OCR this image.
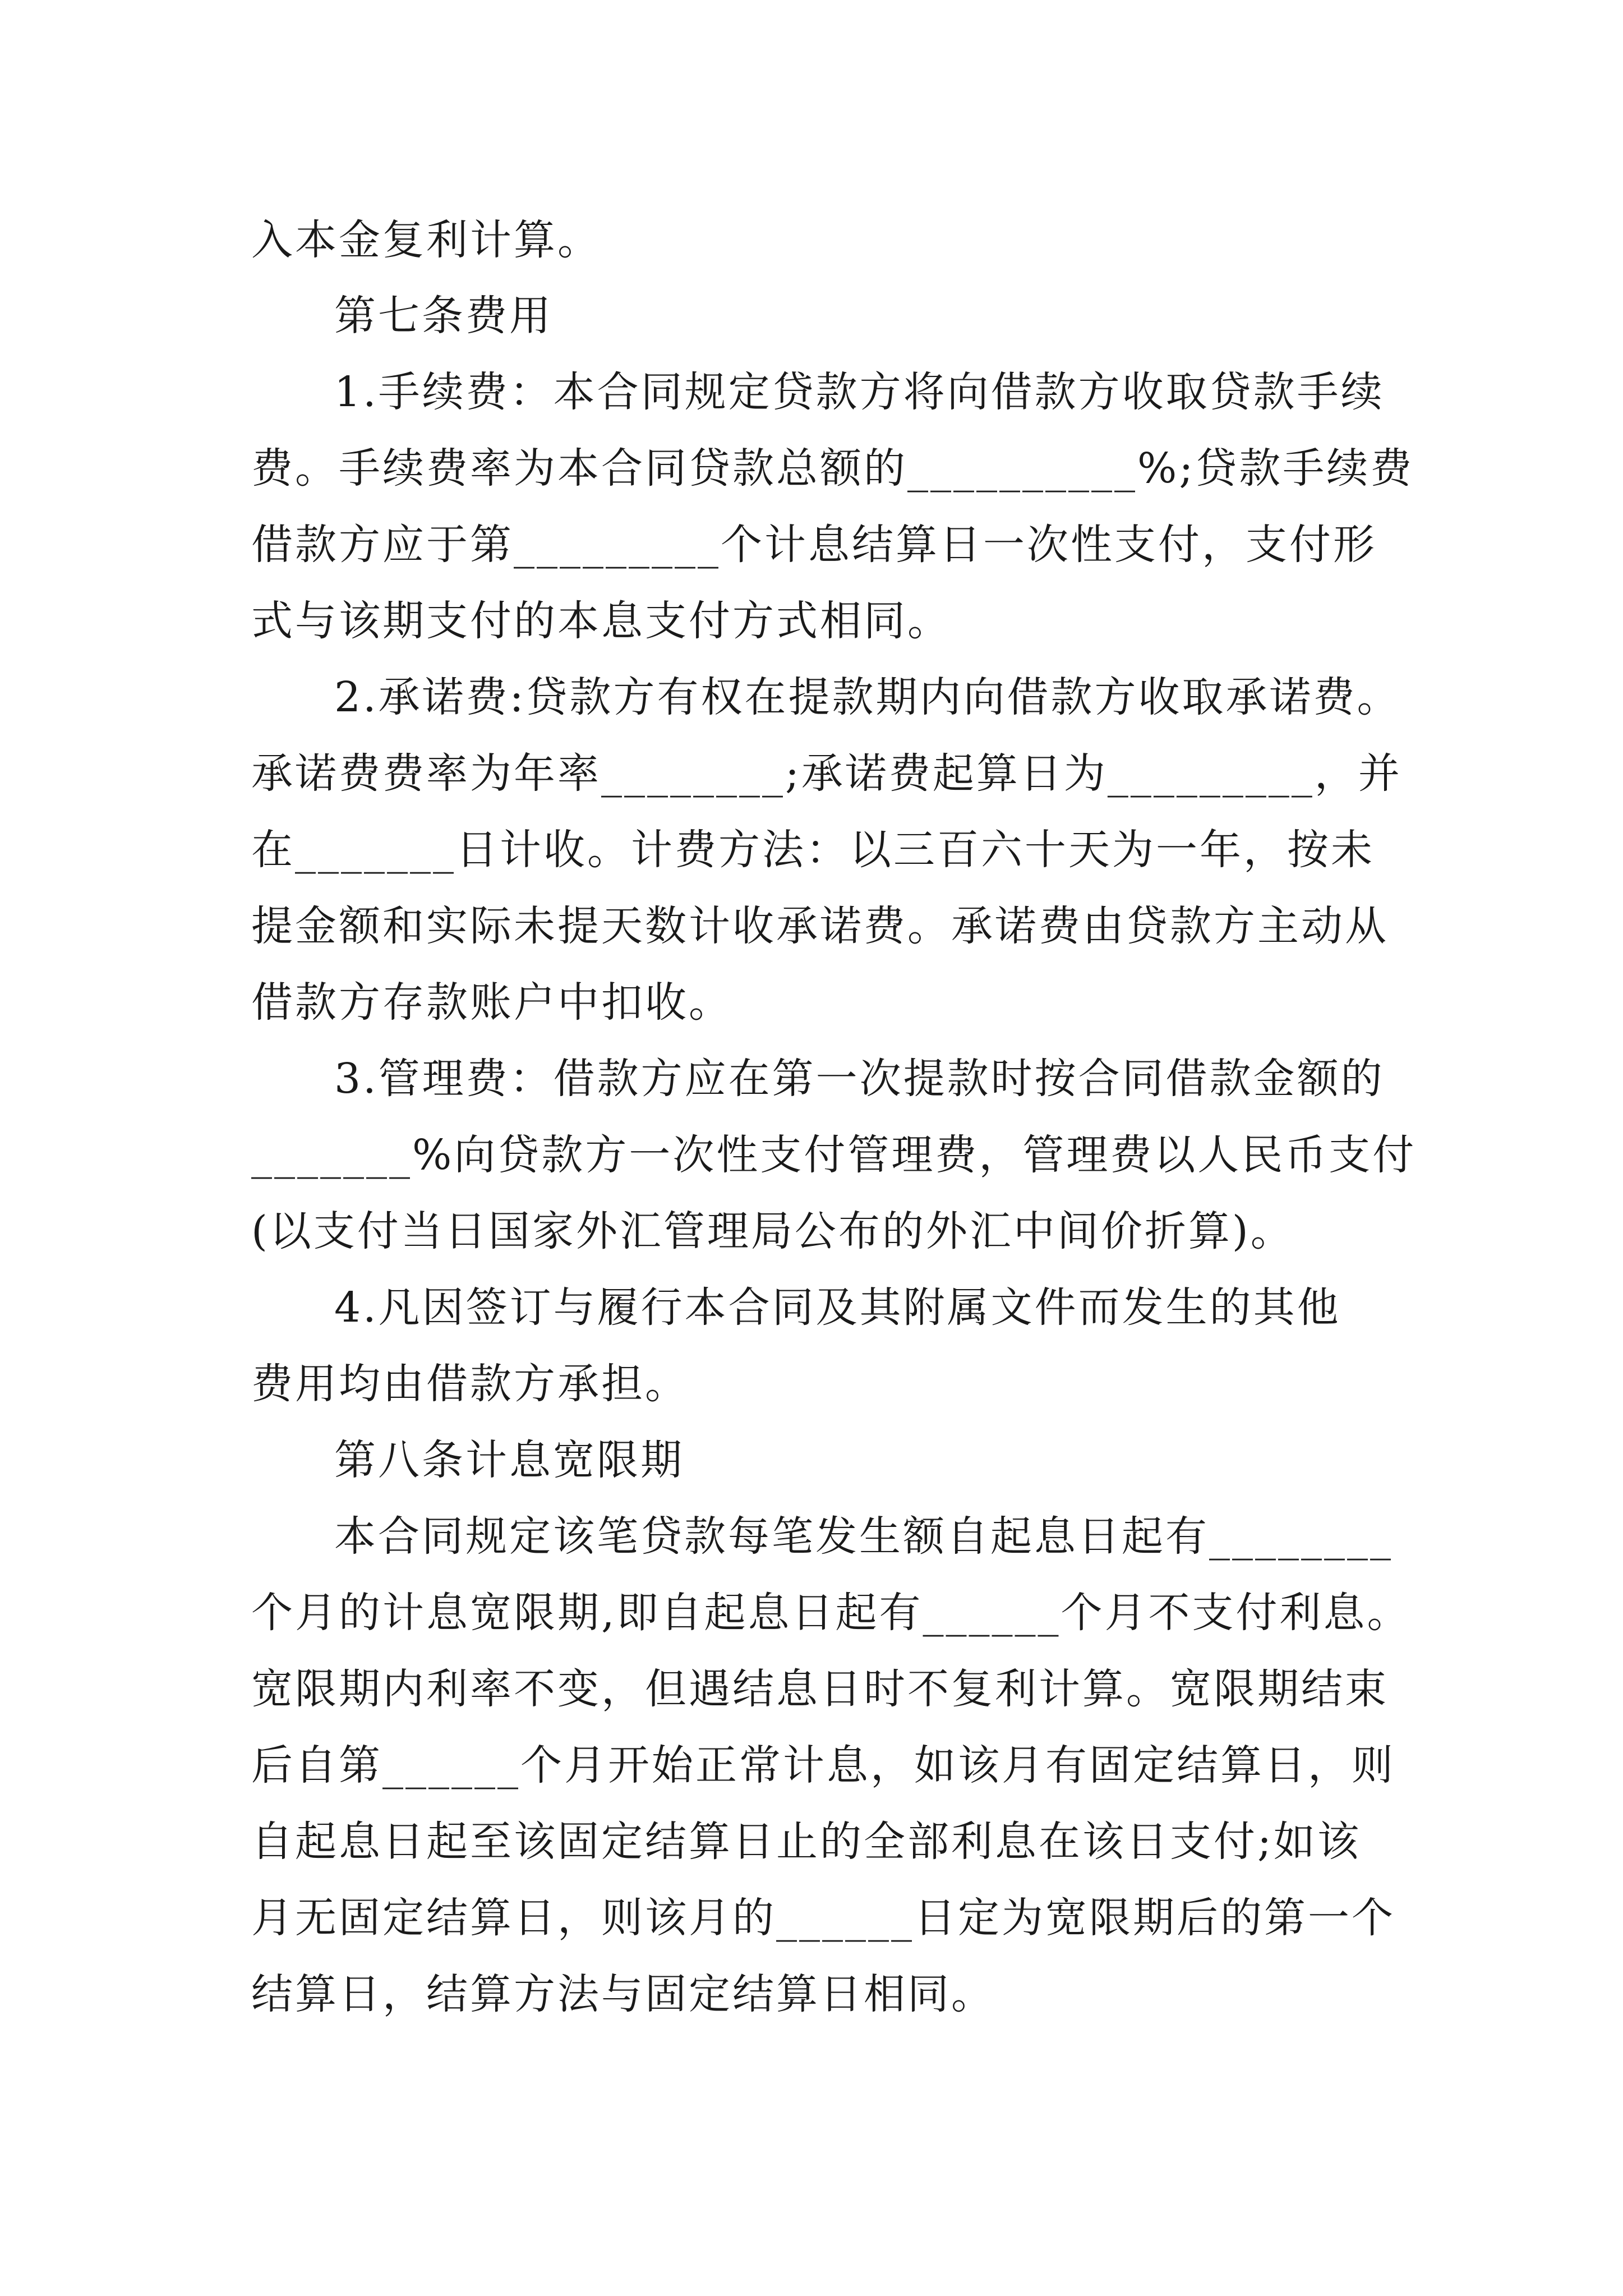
入本金复利计算。
第七条费用
1.手续费：本合同规定贷款方将向借款方收取贷款手续
费。手续费率为本合同贷款总额的__________%;贷款手续费
借款方应于第_________个计息结算日一次性支付，支付形
式与该期支付的本息支付方式相同。
2.承诺费:贷款方有权在提款期内向借款方收取承诺费。
承诺费费率为年率________;承诺费起算日为_________，并
在_______日计收。计费方法：以三百六十天为一年，按未
提金额和实际未提天数计收承诺费。承诺费由贷款方主动从
借款方存款账户中扣收。
3.管理费：借款方应在第一次提款时按合同借款金额的
_______%向贷款方一次性支付管理费，管理费以人民币支付
(以支付当日国家外汇管理局公布的外汇中间价折算)。
4.凡因签订与履行本合同及其附属文件而发生的其他
费用均由借款方承担。
第八条计息宽限期
本合同规定该笔贷款每笔发生额自起息日起有________
个月的计息宽限期,即自起息日起有______个月不支付利息。
宽限期内利率不变，但遇结息日时不复利计算。宽限期结束
后自第______个月开始正常计息，如该月有固定结算日，则
自起息日起至该固定结算日止的全部利息在该日支付;如该
月无固定结算日，则该月的______日定为宽限期后的第一个
结算日，结算方法与固定结算日相同。
